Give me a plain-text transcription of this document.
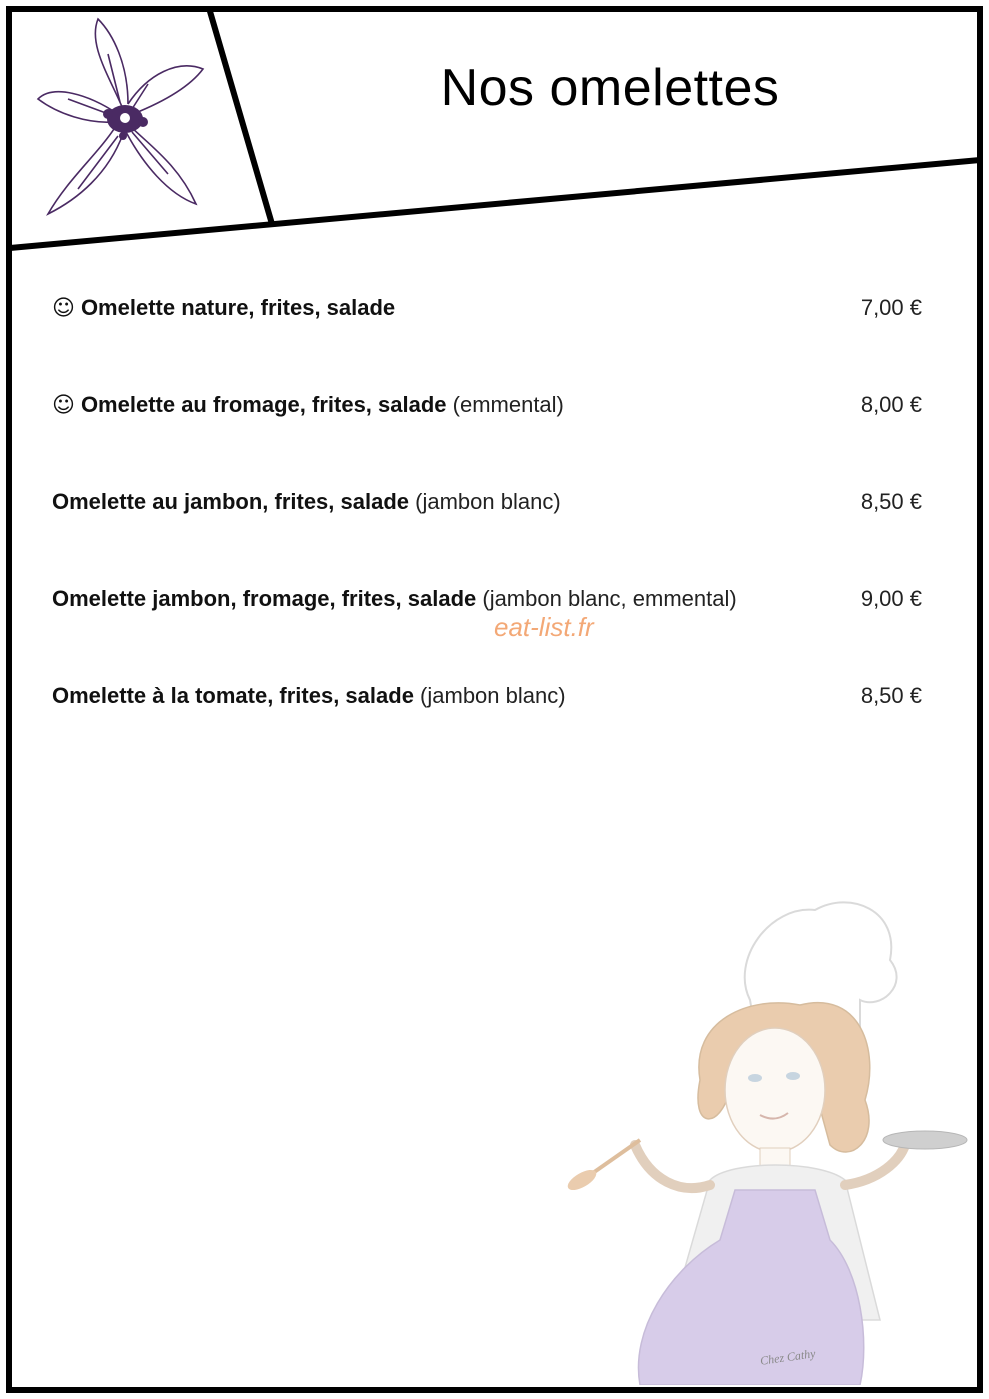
Nos omelettes
☺ Omelette nature, frites, salade	7,00 €
☺ Omelette au fromage, frites, salade (emmental)	8,00 €
Omelette au jambon, frites, salade (jambon blanc)	8,50 €
Omelette jambon, fromage, frites, salade (jambon blanc, emmental)	9,00 €
Omelette à la tomate, frites, salade (jambon blanc)	8,50 €
eat-list.fr
Chez Cathy
